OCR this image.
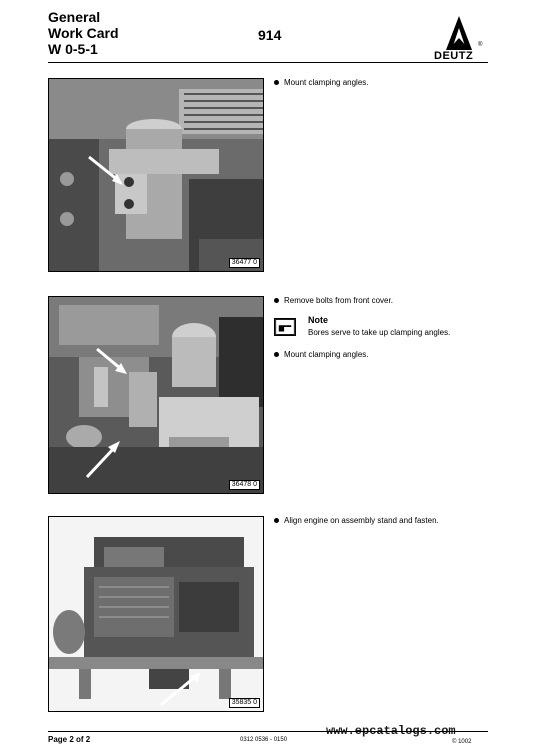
General
Work Card
W 0-5-1
914
DEUTZ
®
36477 0
Mount clamping angles.
36478 0
Remove bolts from front cover.
Note
Bores serve to take up clamping angles.
Mount clamping angles.
35835 0
Align engine on assembly stand and fasten.
www.epcatalogs.com
Page 2 of 2	0312 0536 - 0150	© 1002
